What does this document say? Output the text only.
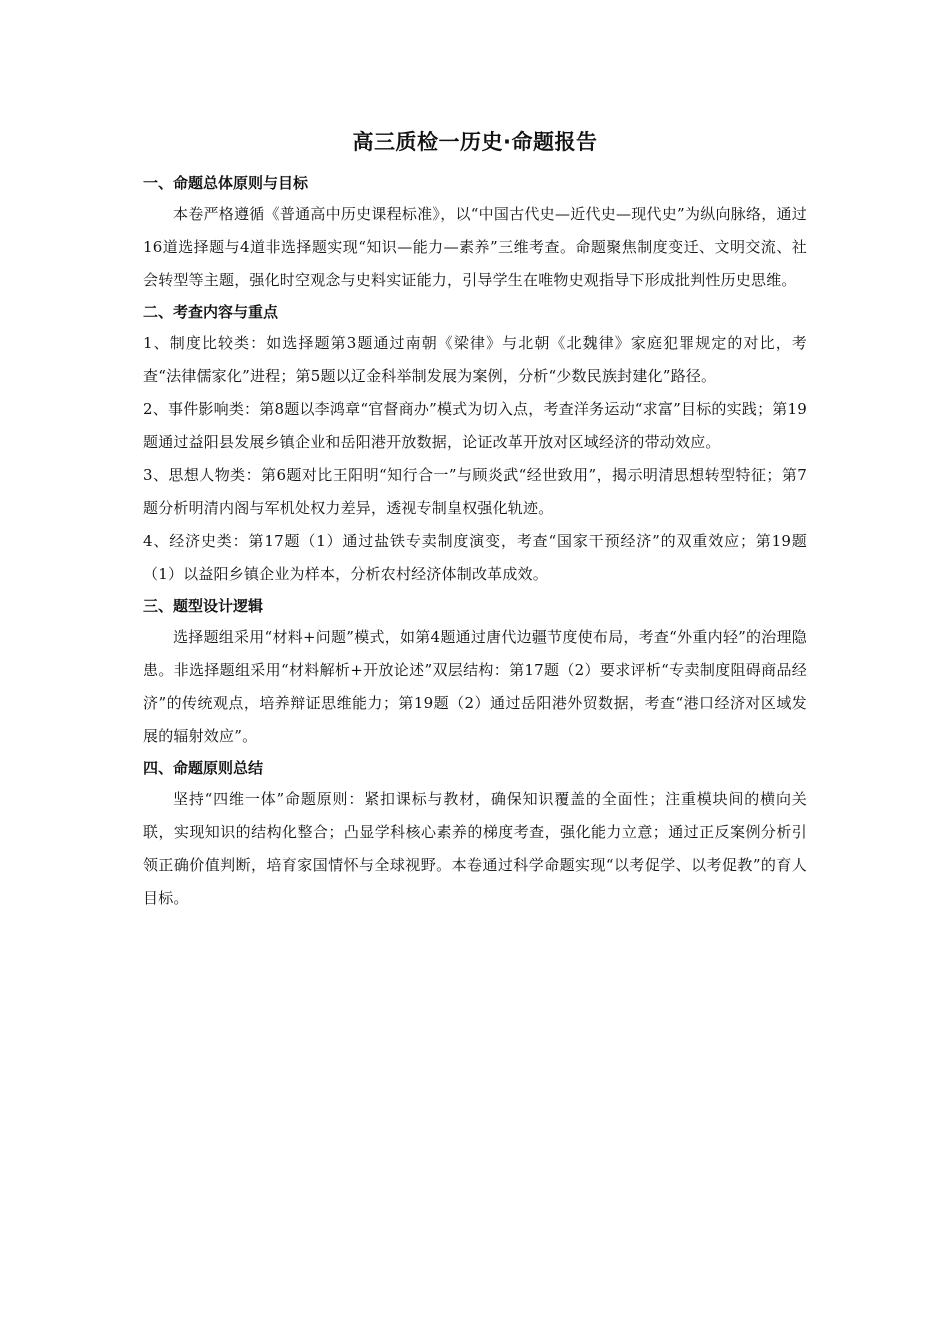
高三质检一历史·命题报告

一、命题总体原则与目标

本卷严格遵循《普通高中历史课程标准》，以“中国古代史—近代史—现代史”为纵向脉络，通过16道选择题与4道非选择题实现“知识—能力—素养”三维考查。命题聚焦制度变迁、文明交流、社会转型等主题，强化时空观念与史料实证能力，引导学生在唯物史观指导下形成批判性历史思维。

二、考查内容与重点

1、制度比较类：如选择题第3题通过南朝《梁律》与北朝《北魏律》家庭犯罪规定的对比，考查“法律儒家化”进程；第5题以辽金科举制发展为案例，分析“少数民族封建化”路径。

2、事件影响类：第8题以李鸿章“官督商办”模式为切入点，考查洋务运动“求富”目标的实践；第19题通过益阳县发展乡镇企业和岳阳港开放数据，论证改革开放对区域经济的带动效应。

3、思想人物类：第6题对比王阳明“知行合一”与顾炎武“经世致用”，揭示明清思想转型特征；第7题分析明清内阁与军机处权力差异，透视专制皇权强化轨迹。

4、经济史类：第17题（1）通过盐铁专卖制度演变，考查“国家干预经济”的双重效应；第19题（1）以益阳乡镇企业为样本，分析农村经济体制改革成效。

三、题型设计逻辑

选择题组采用“材料+问题”模式，如第4题通过唐代边疆节度使布局，考查“外重内轻”的治理隐患。非选择题组采用“材料解析+开放论述”双层结构：第17题（2）要求评析“专卖制度阻碍商品经济”的传统观点，培养辩证思维能力；第19题（2）通过岳阳港外贸数据，考查“港口经济对区域发展的辐射效应”。

四、命题原则总结

坚持“四维一体”命题原则：紧扣课标与教材，确保知识覆盖的全面性；注重模块间的横向关联，实现知识的结构化整合；凸显学科核心素养的梯度考查，强化能力立意；通过正反案例分析引领正确价值判断，培育家国情怀与全球视野。本卷通过科学命题实现“以考促学、以考促教”的育人目标。
